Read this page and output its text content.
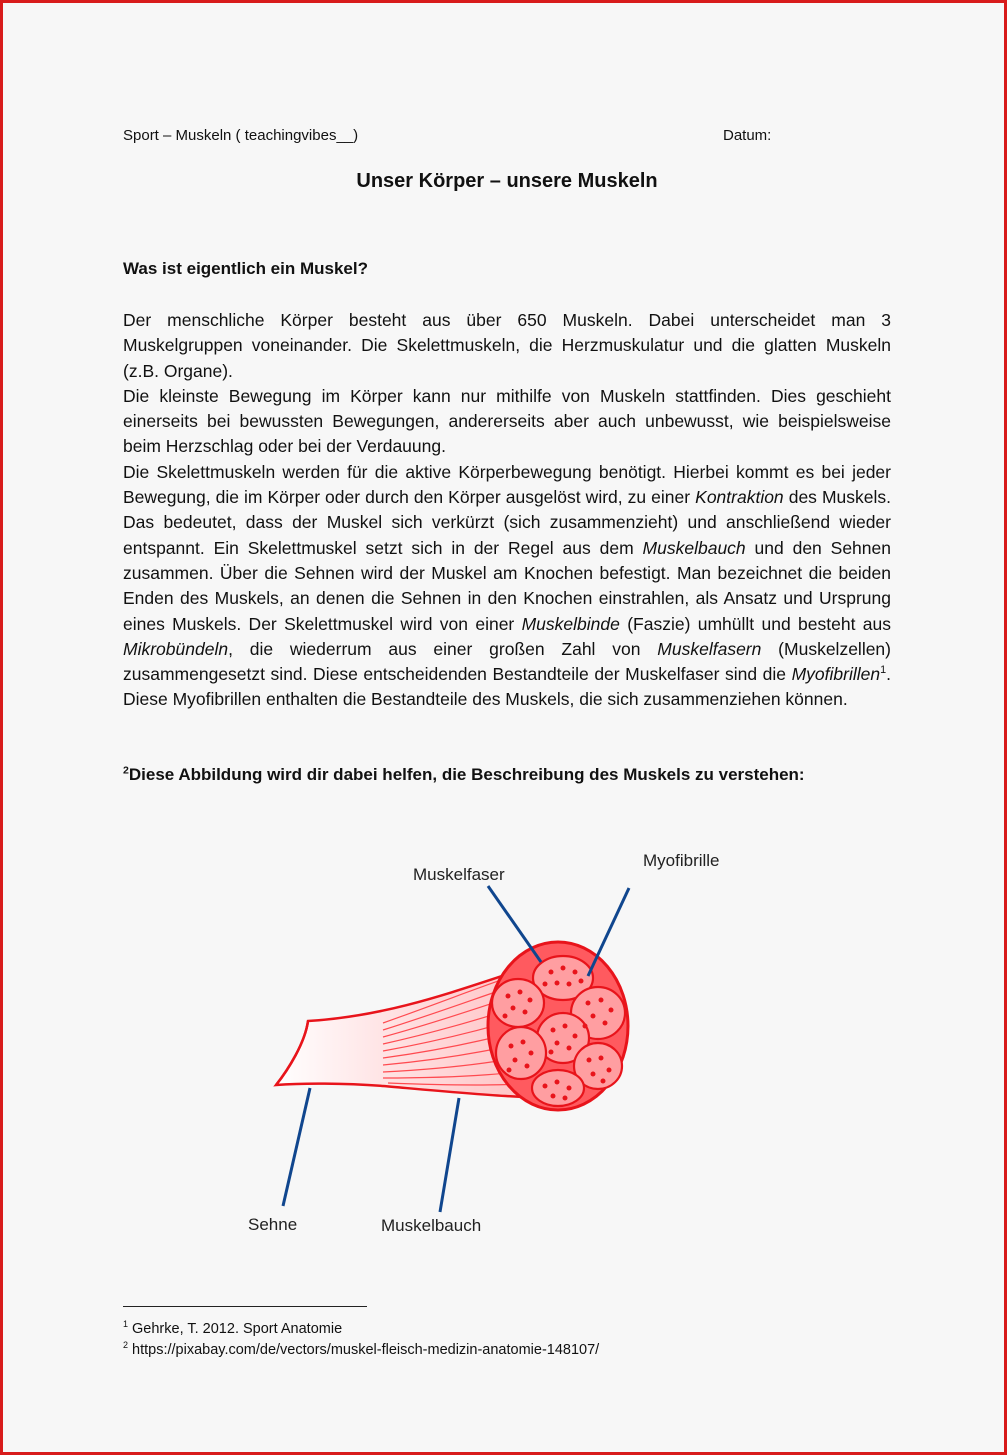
Sport – Muskeln ( teachingvibes__)	Datum:
Unser Körper – unsere Muskeln
Was ist eigentlich ein Muskel?

Der menschliche Körper besteht aus über 650 Muskeln. Dabei unterscheidet man 3 Muskelgruppen voneinander. Die Skelettmuskeln, die Herzmuskulatur und die glatten Muskeln (z.B. Organe).

Die kleinste Bewegung im Körper kann nur mithilfe von Muskeln stattfinden. Dies geschieht einerseits bei bewussten Bewegungen, andererseits aber auch unbewusst, wie beispielsweise beim Herzschlag oder bei der Verdauung.

Die Skelettmuskeln werden für die aktive Körperbewegung benötigt. Hierbei kommt es bei jeder Bewegung, die im Körper oder durch den Körper ausgelöst wird, zu einer Kontraktion des Muskels. Das bedeutet, dass der Muskel sich verkürzt (sich zusammenzieht) und anschließend wieder entspannt. Ein Skelettmuskel setzt sich in der Regel aus dem Muskelbauch und den Sehnen zusammen. Über die Sehnen wird der Muskel am Knochen befestigt. Man bezeichnet die beiden Enden des Muskels, an denen die Sehnen in den Knochen einstrahlen, als Ansatz und Ursprung eines Muskels. Der Skelettmuskel wird von einer Muskelbinde (Faszie) umhüllt und besteht aus Mikrobündeln, die wiederrum aus einer großen Zahl von Muskelfasern (Muskelzellen) zusammengesetzt sind. Diese entscheidenden Bestandteile der Muskelfaser sind die Myofibrillen$^1$. Diese Myofibrillen enthalten die Bestandteile des Muskels, die sich zusammenziehen können.

$^2$Diese Abbildung wird dir dabei helfen, die Beschreibung des Muskels zu verstehen:
Muskelfaser
Myofibrille
Sehne	Muskelbauch
$^1$ Gehrke, T. 2012. Sport Anatomie
$^2$ https://pixabay.com/de/vectors/muskel-fleisch-medizin-anatomie-148107/
